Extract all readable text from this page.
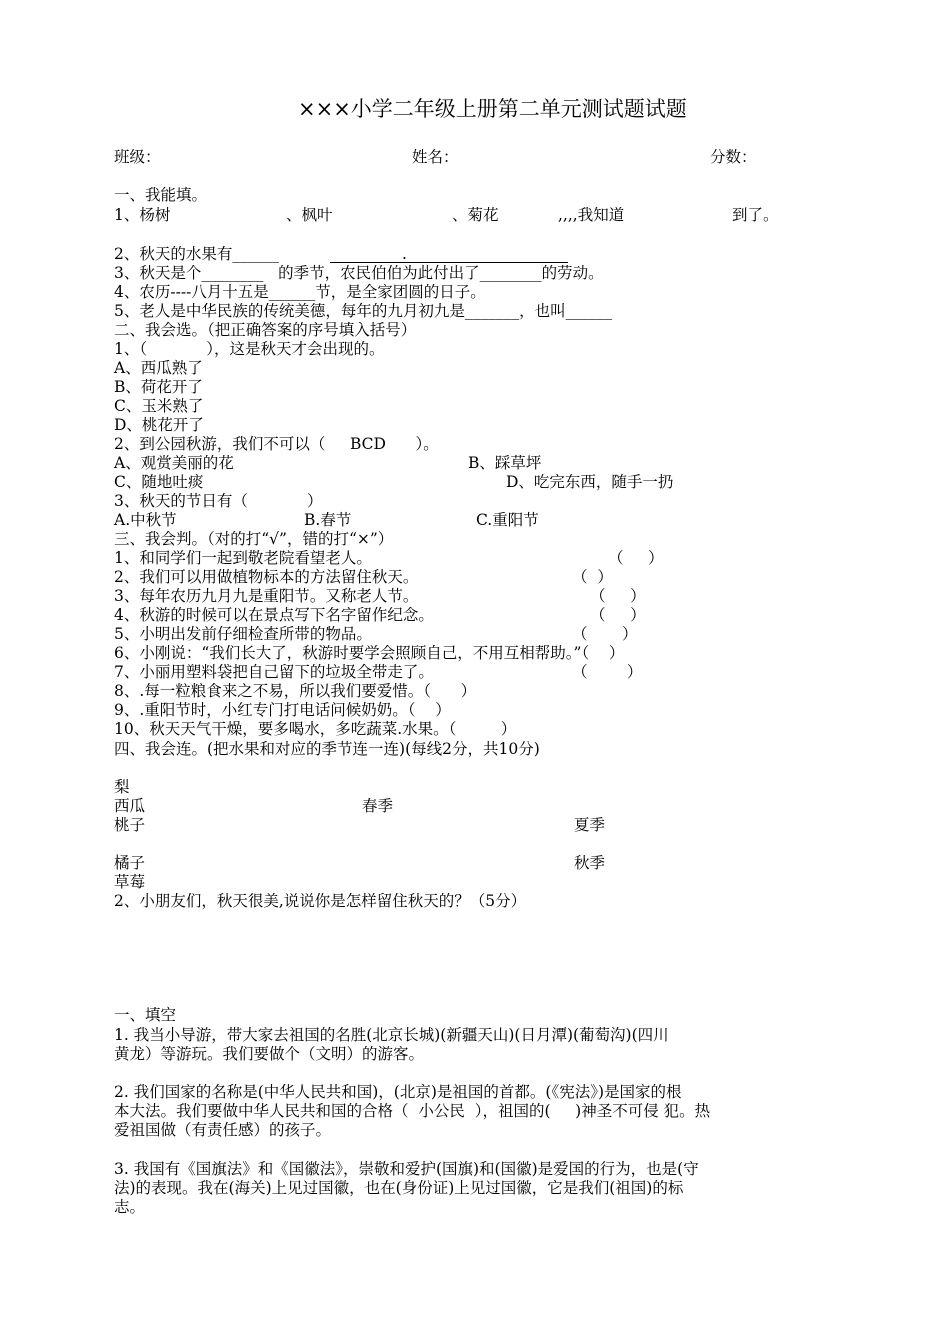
×××小学二年级上册第二单元测试题试题
班级：	姓名：	分数：
一、我能填。
1、杨树	、枫叶	、菊花	,,,,我知道	到了。
2、秋天的水果有______                         .
3、秋天是个________   的季节，农民伯伯为此付出了________的劳动。
4、农历----八月十五是______节，是全家团圆的日子。
5、老人是中华民族的传统美德，每年的九月初九是_______，也叫______
二、我会选。（把正确答案的序号填入括号）
1、（            ），这是秋天才会出现的。
A、西瓜熟了
B、荷花开了
C、玉米熟了
D、桃花开了
2、到公园秋游，我们不可以（     BCD      ）。
A、观赏美丽的花	B、踩草坪
C、随地吐痰	D、吃完东西，随手一扔
3、秋天的节日有（            ）
A.中秋节	B.春节	C.重阳节
三、我会判。（对的打“√”，错的打“×”）
1、和同学们一起到敬老院看望老人。	（     ）
2、我们可以用做植物标本的方法留住秋天。	（  ）
3、每年农历九月九是重阳节。又称老人节。	（     ）
4、秋游的时候可以在景点写下名字留作纪念。	（     ）
5、小明出发前仔细检查所带的物品。	（       ）
6、小刚说：“我们长大了，秋游时要学会照顾自己，不用互相帮助。”（    ）
7、小丽用塑料袋把自己留下的垃圾全带走了。	（        ）
8、.每一粒粮食来之不易，所以我们要爱惜。（      ）
9、.重阳节时，小红专门打电话问候奶奶。（    ）
10、秋天天气干燥，要多喝水，多吃蔬菜.水果。（         ）
四、我会连。(把水果和对应的季节连一连)(每线2分，共10分)
梨
西瓜	春季
桃子	夏季
橘子	秋季
草莓
2、小朋友们，秋天很美,说说你是怎样留住秋天的？（5分）
一、填空
1. 我当小导游，带大家去祖国的名胜(北京长城)(新疆天山)(日月潭)(葡萄沟)(四川
黄龙）等游玩。我们要做个（文明）的游客。
2. 我们国家的名称是(中华人民共和国)，(北京)是祖国的首都。(《宪法》)是国家的根
本大法。我们要做中华人民共和国的合格（  小公民  ），祖国的(     )神圣不可侵 犯。热
爱祖国做（有责任感）的孩子。
3. 我国有《国旗法》和《国徽法》，崇敬和爱护(国旗)和(国徽)是爱国的行为，也是(守
法)的表现。我在(海关)上见过国徽，也在(身份证)上见过国徽，它是我们(祖国)的标
志。
